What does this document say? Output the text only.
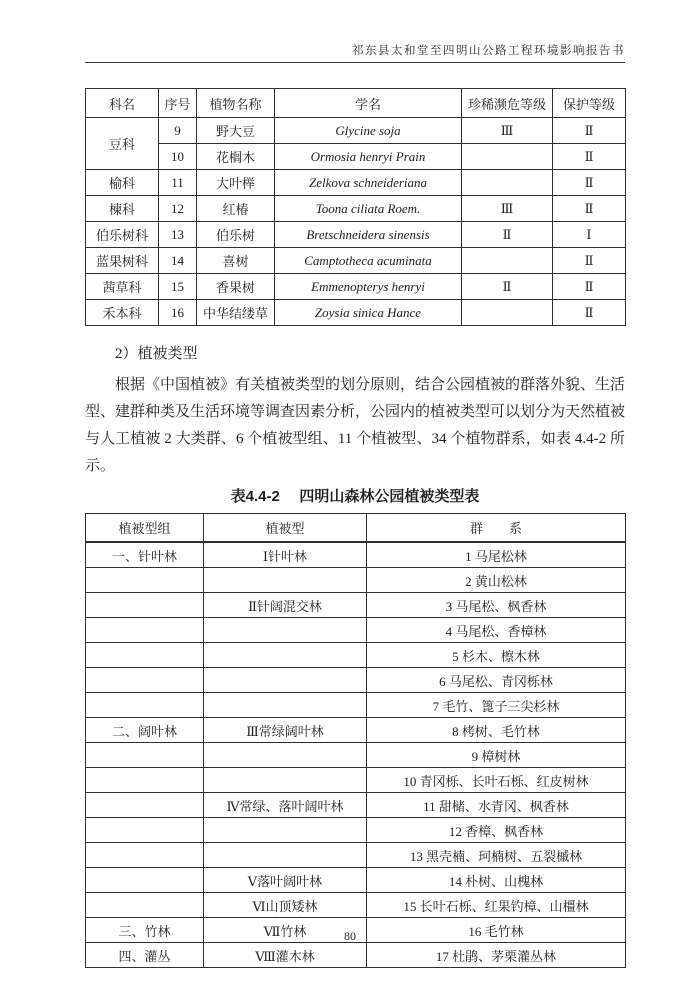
祁东县太和堂至四明山公路工程环境影响报告书
科名	序号	植物名称	学名	珍稀濒危等级	保护等级
豆科	9	野大豆	Glycine soja	Ⅲ	Ⅱ
	10	花榈木	Ormosia henryi Prain		Ⅱ
榆科	11	大叶榉	Zelkova schneideriana		Ⅱ
楝科	12	红椿	Toona ciliata Roem.	Ⅲ	Ⅱ
伯乐树科	13	伯乐树	Bretschneidera sinensis	Ⅱ	Ⅰ
蓝果树科	14	喜树	Camptotheca acuminata		Ⅱ
茜草科	15	香果树	Emmenopterys henryi	Ⅱ	Ⅱ
禾本科	16	中华结缕草	Zoysia sinica Hance		Ⅱ
2）植被类型

根据《中国植被》有关植被类型的划分原则，结合公园植被的群落外貌、生活型、建群种类及生活环境等调查因素分析，公园内的植被类型可以划分为天然植被与人工植被 2 大类群、6 个植被型组、11 个植被型、34 个植物群系，如表 4.4-2 所示。

表4.4-2 四明山森林公园植被类型表
植被型组	植被型	群　　系
一、针叶林	Ⅰ针叶林	1 马尾松林
		2 黄山松林
	Ⅱ针阔混交林	3 马尾松、枫香林
		4 马尾松、香樟林
		5 杉木、檫木林
		6 马尾松、青冈栎林
		7 毛竹、篦子三尖杉林
二、阔叶林	Ⅲ常绿阔叶林	8 栲树、毛竹林
		9 樟树林
		10 青冈栎、长叶石栎、红皮树林
	Ⅳ常绿、落叶阔叶林	11 甜槠、水青冈、枫香林
		12 香樟、枫香林
		13 黑壳楠、珂楠树、五裂槭林
	Ⅴ落叶阔叶林	14 朴树、山槐林
	Ⅵ山顶矮林	15 长叶石栎、红果钓樟、山橿林
三、竹林	Ⅶ竹林	16 毛竹林
四、灌丛	Ⅷ灌木林	17 杜鹃、茅栗灌丛林
80
